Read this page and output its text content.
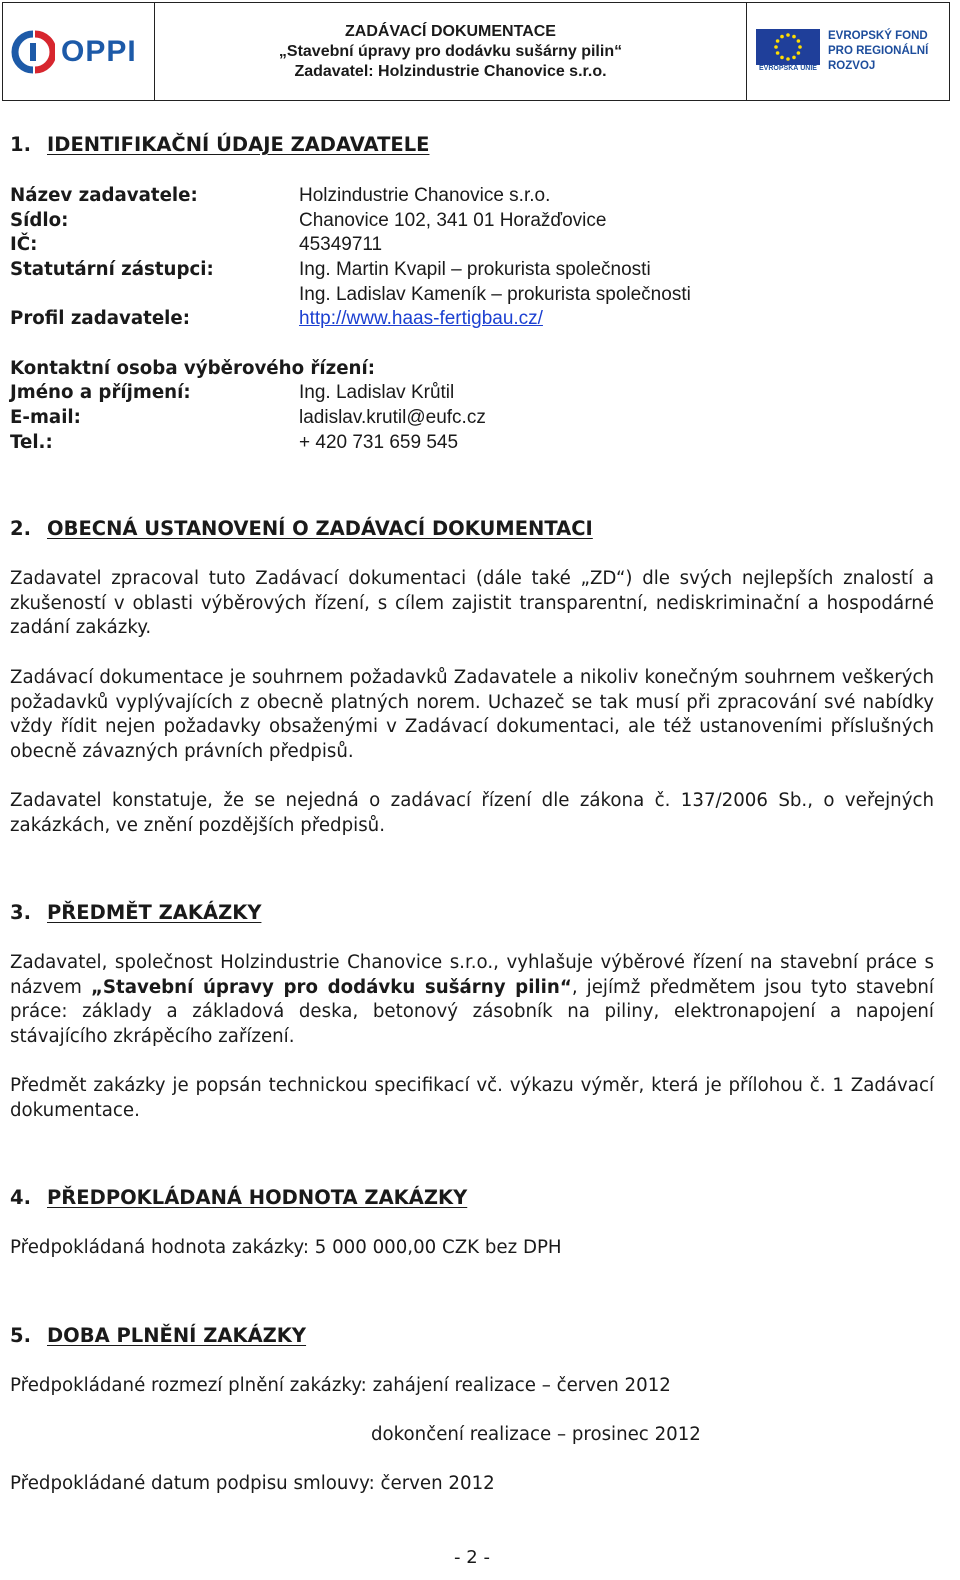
OPPI
ZADÁVACÍ DOKUMENTACE
„Stavební úpravy pro dodávku sušárny pilin“
Zadavatel: Holzindustrie Chanovice s.r.o.	EVROPSKÁ UNIE
EVROPSKÝ FOND
PRO REGIONÁLNÍ
ROZVOJ
1. IDENTIFIKAČNÍ ÚDAJE ZADAVATELE
Název zadavatele:	Holzindustrie Chanovice s.r.o.
Sídlo:	Chanovice 102, 341 01 Horažďovice
IČ:	45349711
Statutární zástupci:	Ing. Martin Kvapil – prokurista společnosti
Ing. Ladislav Kameník – prokurista společnosti
Profil zadavatele:	http://www.haas-fertigbau.cz/
Kontaktní osoba výběrového řízení:
Jméno a příjmení:	Ing. Ladislav Krůtil
E-mail:	ladislav.krutil@eufc.cz
Tel.:	+ 420 731 659 545
2. OBECNÁ USTANOVENÍ O ZADÁVACÍ DOKUMENTACI
Zadavatel zpracoval tuto Zadávací dokumentaci (dále také „ZD“) dle svých nejlepších znalostí a zkušeností v oblasti výběrových řízení, s cílem zajistit transparentní, nediskriminační a hospodárné zadání zakázky.
Zadávací dokumentace je souhrnem požadavků Zadavatele a nikoliv konečným souhrnem veškerých požadavků vyplývajících z obecně platných norem. Uchazeč se tak musí při zpracování své nabídky vždy řídit nejen požadavky obsaženými v Zadávací dokumentaci, ale též ustanoveními příslušných obecně závazných právních předpisů.
Zadavatel konstatuje, že se nejedná o zadávací řízení dle zákona č. 137/2006 Sb., o veřejných zakázkách, ve znění pozdějších předpisů.
3. PŘEDMĚT ZAKÁZKY
Zadavatel, společnost Holzindustrie Chanovice s.r.o., vyhlašuje výběrové řízení na stavební práce s názvem „Stavební úpravy pro dodávku sušárny pilin“, jejímž předmětem jsou tyto stavební práce: základy a základová deska, betonový zásobník na piliny, elektronapojení a napojení stávajícího zkrápěcího zařízení.
Předmět zakázky je popsán technickou specifikací vč. výkazu výměr, která je přílohou č. 1 Zadávací dokumentace.
4. PŘEDPOKLÁDANÁ HODNOTA ZAKÁZKY
Předpokládaná hodnota zakázky: 5 000 000,00 CZK bez DPH
5. DOBA PLNĚNÍ ZAKÁZKY
Předpokládané rozmezí plnění zakázky: zahájení realizace – červen 2012
dokončení realizace – prosinec 2012
Předpokládané datum podpisu smlouvy: červen 2012
- 2 -
